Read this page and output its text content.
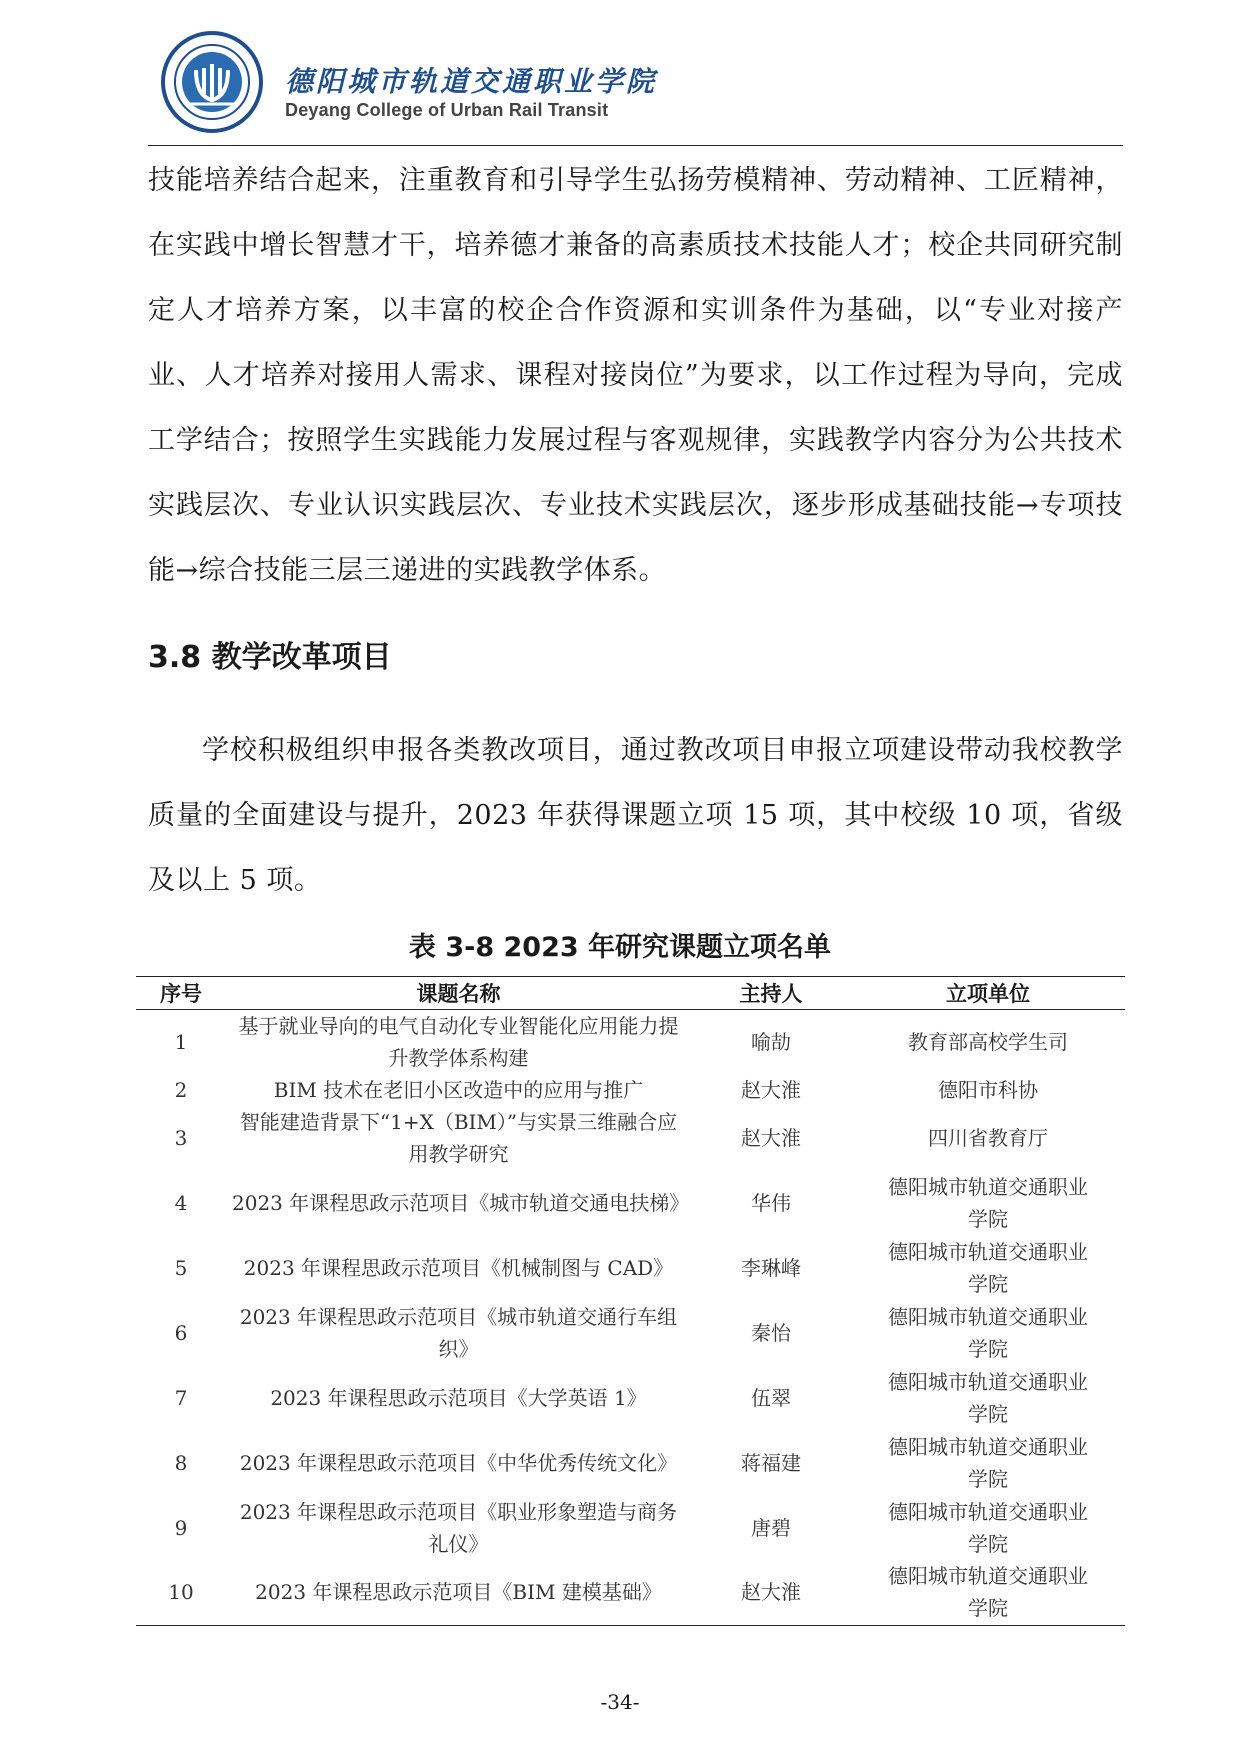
德阳城市轨道交通职业学院
Deyang College of Urban Rail Transit
技能培养结合起来，注重教育和引导学生弘扬劳模精神、劳动精神、工匠精神，在实践中增长智慧才干，培养德才兼备的高素质技术技能人才；校企共同研究制定人才培养方案，以丰富的校企合作资源和实训条件为基础，以“专业对接产业、人才培养对接用人需求、课程对接岗位”为要求，以工作过程为导向，完成工学结合；按照学生实践能力发展过程与客观规律，实践教学内容分为公共技术实践层次、专业认识实践层次、专业技术实践层次，逐步形成基础技能→专项技能→综合技能三层三递进的实践教学体系。
3.8 教学改革项目
学校积极组织申报各类教改项目，通过教改项目申报立项建设带动我校教学质量的全面建设与提升，2023 年获得课题立项 15 项，其中校级 10 项，省级及以上 5 项。
表 3-8 2023 年研究课题立项名单
序号	课题名称	主持人	立项单位
1	基于就业导向的电气自动化专业智能化应用能力提升教学体系构建	喻劼	教育部高校学生司
2	BIM 技术在老旧小区改造中的应用与推广	赵大淮	德阳市科协
3	智能建造背景下“1+X（BIM）”与实景三维融合应用教学研究	赵大淮	四川省教育厅
4	2023 年课程思政示范项目《城市轨道交通电扶梯》	华伟	德阳城市轨道交通职业学院
5	2023 年课程思政示范项目《机械制图与 CAD》	李琳峰	德阳城市轨道交通职业学院
6	2023 年课程思政示范项目《城市轨道交通行车组织》	秦怡	德阳城市轨道交通职业学院
7	2023 年课程思政示范项目《大学英语 1》	伍翠	德阳城市轨道交通职业学院
8	2023 年课程思政示范项目《中华优秀传统文化》	蒋福建	德阳城市轨道交通职业学院
9	2023 年课程思政示范项目《职业形象塑造与商务礼仪》	唐碧	德阳城市轨道交通职业学院
10	2023 年课程思政示范项目《BIM 建模基础》	赵大淮	德阳城市轨道交通职业学院
-34-
